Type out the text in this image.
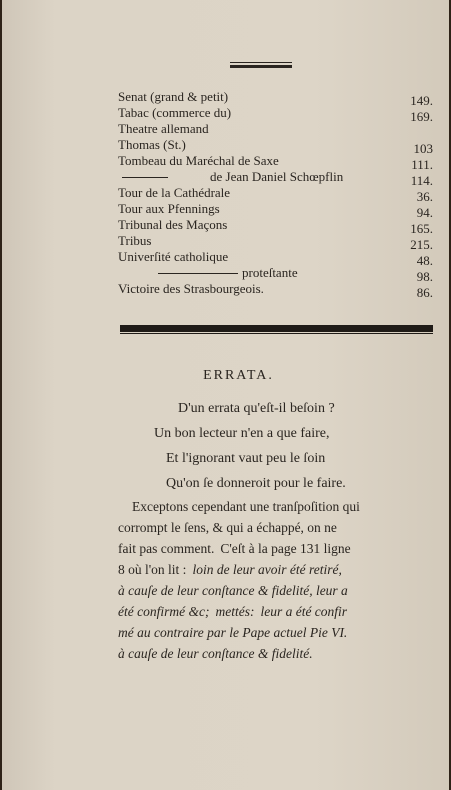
Senat (grand & petit)	149.
Tabac (commerce du)	169.
Theatre allemand
Thomas (St.)	103
Tombeau du Maréchal de Saxe	111.
de Jean Daniel Schœpflin	114.
Tour de la Cathédrale	36.
Tour aux Pfennings	94.
Tribunal des Maçons	165.
Tribus	215.
Univerſité catholique	48.
proteſtante	98.
Victoire des Strasbourgeois.	86.
ERRATA.
D'un errata qu'eſt-il beſoin ?
Un bon lecteur n'en a que faire,
Et l'ignorant vaut peu le ſoin
Qu'on ſe donneroit pour le faire.
Exceptons cependant une tranſpoſition qui
corrompt le ſens, & qui a échappé, on ne
fait pas comment. C'eſt à la page 131 ligne
8 où l'on lit : loin de leur avoir été retiré,
à cauſe de leur conſtance & fidelité, leur a
été confirmé &c; mettés: leur a été confir
mé au contraire par le Pape actuel Pie VI.
à cauſe de leur conſtance & fidelité.
